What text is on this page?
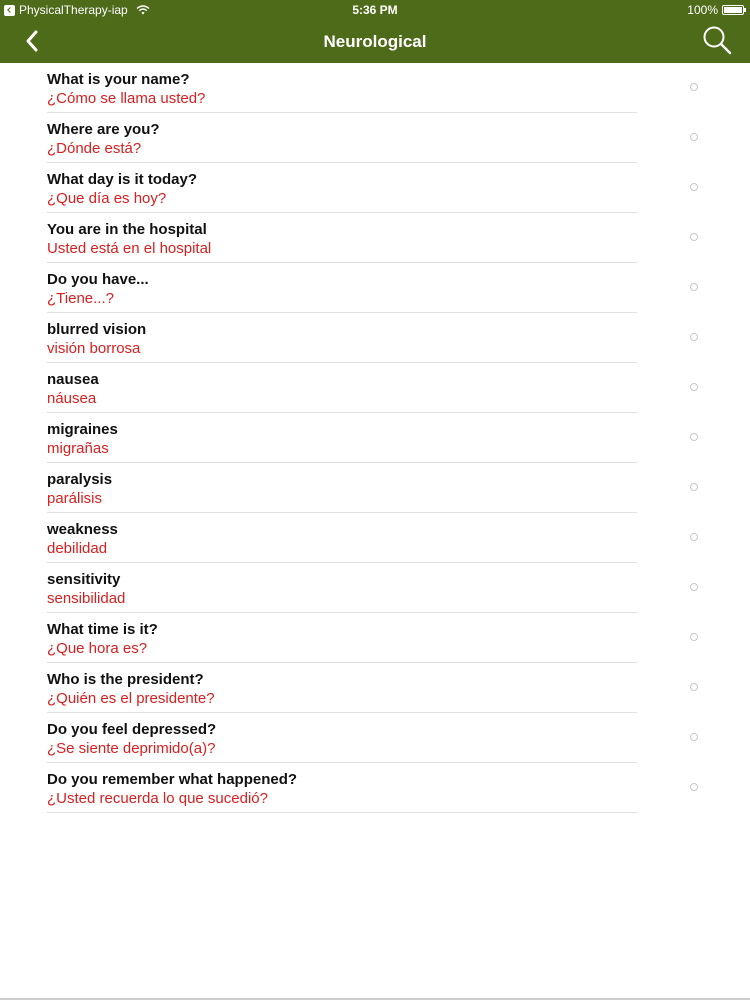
PhysicalTherapy-iap	5:36 PM	100%
Neurological
What is your name?
¿Cómo se llama usted?
Where are you?
¿Dónde está?
What day is it today?
¿Que día es hoy?
You are in the hospital
Usted está en el hospital
Do you have...
¿Tiene...?
blurred vision
visión borrosa
nausea
náusea
migraines
migrañas
paralysis
parálisis
weakness
debilidad
sensitivity
sensibilidad
What time is it?
¿Que hora es?
Who is the president?
¿Quién es el presidente?
Do you feel depressed?
¿Se siente deprimido(a)?
Do you remember what happened?
¿Usted recuerda lo que sucedió?
